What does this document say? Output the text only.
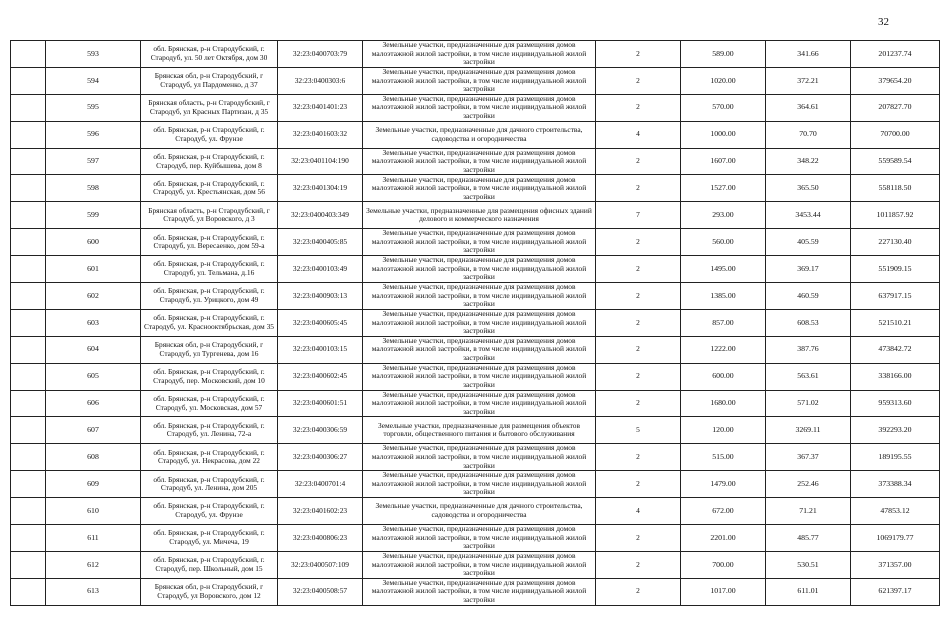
32
	593	обл. Брянская, р-н Стародубский, г. Стародуб, ул. 50 лет Октября, дом 30	32:23:0400703:79	Земельные участки, предназначенные для размещения домов малоэтажной жилой застройки, в том числе индивидуальной жилой застройки	2	589.00	341.66	201237.74
	594	Брянская обл, р-н Стародубский, г Стародуб, ул Пардоменко, д 37	32:23:0400303:6	Земельные участки, предназначенные для размещения домов малоэтажной жилой застройки, в том числе индивидуальной жилой застройки	2	1020.00	372.21	379654.20
	595	Брянская область, р-н Стародубский, г Стародуб, ул Красных Партизан, д 35	32:23:0401401:23	Земельные участки, предназначенные для размещения домов малоэтажной жилой застройки, в том числе индивидуальной жилой застройки	2	570.00	364.61	207827.70
	596	обл. Брянская, р-н Стародубский, г. Стародуб, ул. Фрунзе	32:23:0401603:32	Земельные участки, предназначенные для дачного строительства, садоводства и огородничества	4	1000.00	70.70	70700.00
	597	обл. Брянская, р-н Стародубский, г. Стародуб, пер. Куйбышева, дом 8	32:23:0401104:190	Земельные участки, предназначенные для размещения домов малоэтажной жилой застройки, в том числе индивидуальной жилой застройки	2	1607.00	348.22	559589.54
	598	обл. Брянская, р-н Стародубский, г. Стародуб, ул. Крестьянская, дом 56	32:23:0401304:19	Земельные участки, предназначенные для размещения домов малоэтажной жилой застройки, в том числе индивидуальной жилой застройки	2	1527.00	365.50	558118.50
	599	Брянская область, р-н Стародубский, г Стародуб, ул Воровского, д 3	32:23:0400403:349	Земельные участки, предназначенные для размещения офисных зданий делового и коммерческого назначения	7	293.00	3453.44	1011857.92
	600	обл. Брянская, р-н Стародубский, г. Стародуб, ул. Вересаенко, дом 59-а	32:23:0400405:85	Земельные участки, предназначенные для размещения домов малоэтажной жилой застройки, в том числе индивидуальной жилой застройки	2	560.00	405.59	227130.40
	601	обл. Брянская, р-н Стародубский, г. Стародуб, ул. Тельмана, д.16	32:23:0400103:49	Земельные участки, предназначенные для размещения домов малоэтажной жилой застройки, в том числе индивидуальной жилой застройки	2	1495.00	369.17	551909.15
	602	обл. Брянская, р-н Стародубский, г. Стародуб, ул. Урицкого, дом 49	32:23:0400903:13	Земельные участки, предназначенные для размещения домов малоэтажной жилой застройки, в том числе индивидуальной жилой застройки	2	1385.00	460.59	637917.15
	603	обл. Брянская, р-н Стародубский, г. Стародуб, ул. Краснооктябрьская, дом 35	32:23:0400605:45	Земельные участки, предназначенные для размещения домов малоэтажной жилой застройки, в том числе индивидуальной жилой застройки	2	857.00	608.53	521510.21
	604	Брянская обл, р-н Стародубский, г Стародуб, ул Тургенева, дом 16	32:23:0400103:15	Земельные участки, предназначенные для размещения домов малоэтажной жилой застройки, в том числе индивидуальной жилой застройки	2	1222.00	387.76	473842.72
	605	обл. Брянская, р-н Стародубский, г. Стародуб, пер. Московский, дом 10	32:23:0400602:45	Земельные участки, предназначенные для размещения домов малоэтажной жилой застройки, в том числе индивидуальной жилой застройки	2	600.00	563.61	338166.00
	606	обл. Брянская, р-н Стародубский, г. Стародуб, ул. Московская, дом 57	32:23:0400601:51	Земельные участки, предназначенные для размещения домов малоэтажной жилой застройки, в том числе индивидуальной жилой застройки	2	1680.00	571.02	959313.60
	607	обл. Брянская, р-н Стародубский, г. Стародуб, ул. Ленина, 72-а	32:23:0400306:59	Земельные участки, предназначенные для размещения объектов торговли, общественного питания и бытового обслуживания	5	120.00	3269.11	392293.20
	608	обл. Брянская, р-н Стародубский, г. Стародуб, ул. Некрасова, дом 22	32:23:0400306:27	Земельные участки, предназначенные для размещения домов малоэтажной жилой застройки, в том числе индивидуальной жилой застройки	2	515.00	367.37	189195.55
	609	обл. Брянская, р-н Стародубский, г. Стародуб, ул. Ленина, дом 205	32:23:0400701:4	Земельные участки, предназначенные для размещения домов малоэтажной жилой застройки, в том числе индивидуальной жилой застройки	2	1479.00	252.46	373388.34
	610	обл. Брянская, р-н Стародубский, г. Стародуб, ул. Фрунзе	32:23:0401602:23	Земельные участки, предназначенные для дачного строительства, садоводства и огородничества	4	672.00	71.21	47853.12
	611	обл. Брянская, р-н Стародубский, г. Стародуб, ул. Мичеча, 19	32:23:0400806:23	Земельные участки, предназначенные для размещения домов малоэтажной жилой застройки, в том числе индивидуальной жилой застройки	2	2201.00	485.77	1069179.77
	612	обл. Брянская, р-н Стародубский, г. Стародуб, пер. Школьный, дом 15	32:23:0400507:109	Земельные участки, предназначенные для размещения домов малоэтажной жилой застройки, в том числе индивидуальной жилой застройки	2	700.00	530.51	371357.00
	613	Брянская обл, р-н Стародубский, г Стародуб, ул Воровского, дом 12	32:23:0400508:57	Земельные участки, предназначенные для размещения домов малоэтажной жилой застройки, в том числе индивидуальной жилой застройки	2	1017.00	611.01	621397.17
